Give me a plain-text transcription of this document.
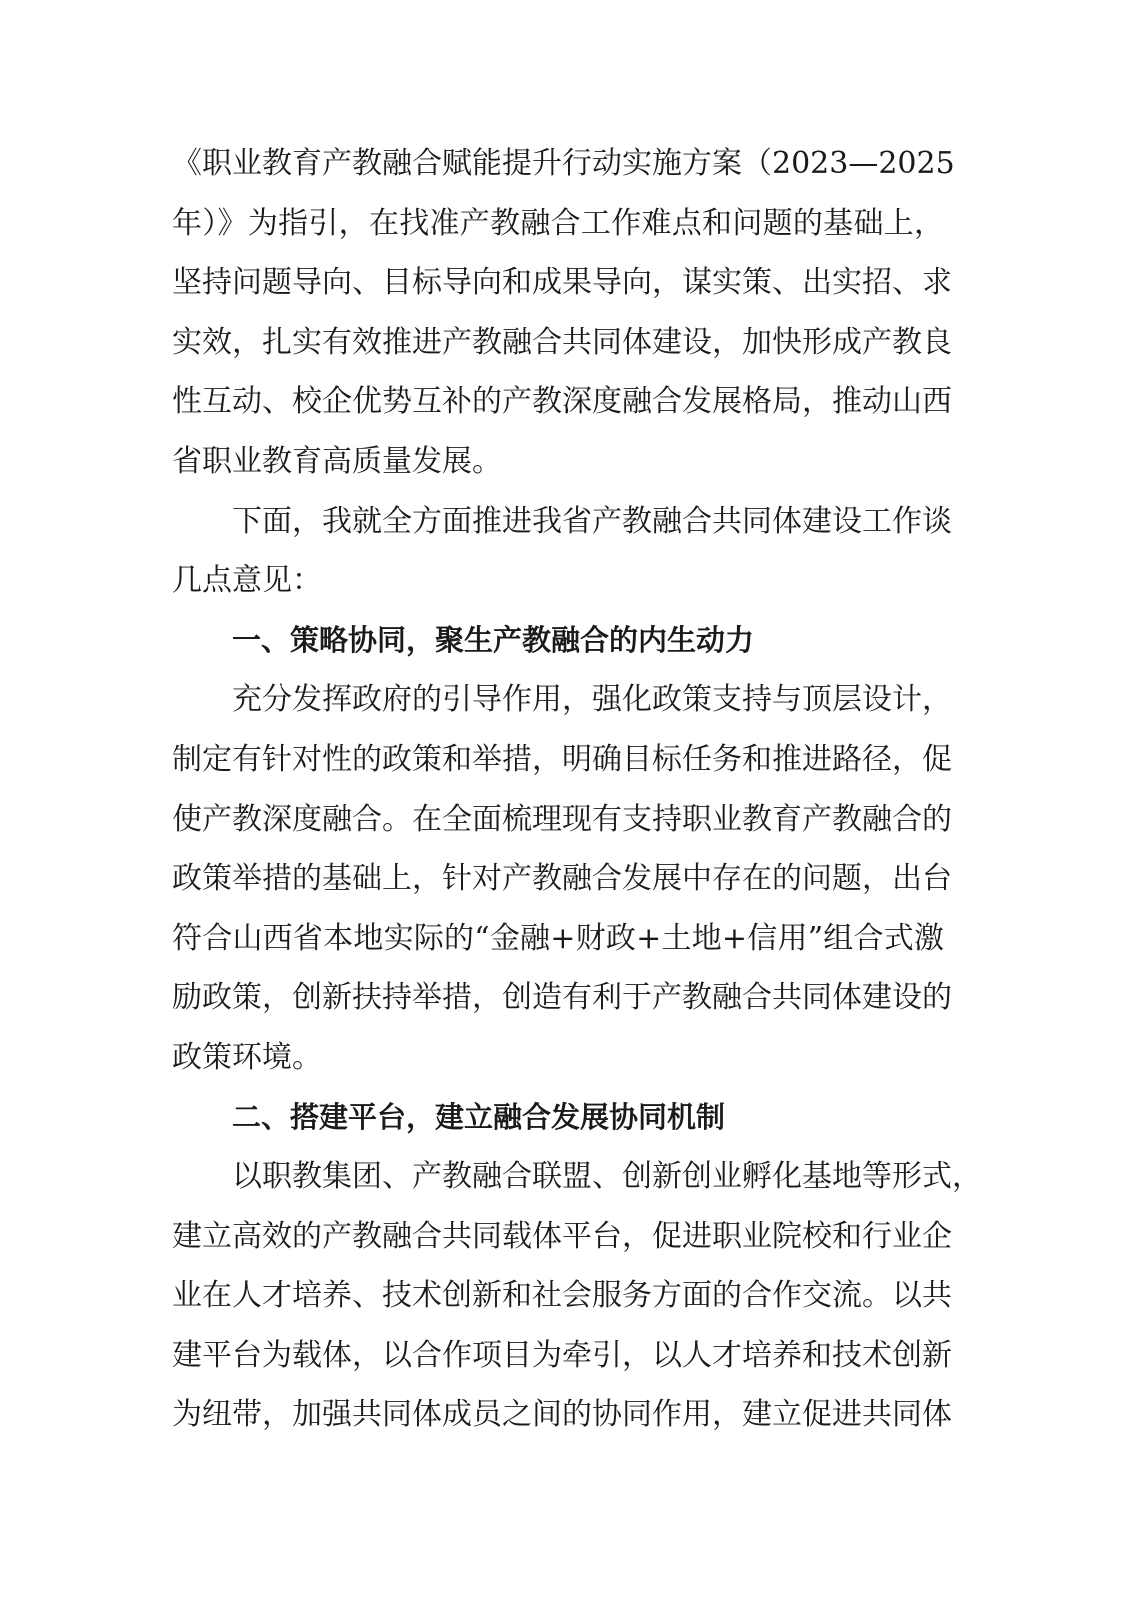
《职业教育产教融合赋能提升行动实施方案（2023—2025
年）》为指引，在找准产教融合工作难点和问题的基础上，
坚持问题导向、目标导向和成果导向，谋实策、出实招、求
实效，扎实有效推进产教融合共同体建设，加快形成产教良
性互动、校企优势互补的产教深度融合发展格局，推动山西
省职业教育高质量发展。
下面，我就全方面推进我省产教融合共同体建设工作谈
几点意见：
一、策略协同，聚生产教融合的内生动力
充分发挥政府的引导作用，强化政策支持与顶层设计，
制定有针对性的政策和举措，明确目标任务和推进路径，促
使产教深度融合。在全面梳理现有支持职业教育产教融合的
政策举措的基础上，针对产教融合发展中存在的问题，出台
符合山西省本地实际的“金融+财政+土地+信用”组合式激
励政策，创新扶持举措，创造有利于产教融合共同体建设的
政策环境。
二、搭建平台，建立融合发展协同机制
以职教集团、产教融合联盟、创新创业孵化基地等形式，
建立高效的产教融合共同载体平台，促进职业院校和行业企
业在人才培养、技术创新和社会服务方面的合作交流。以共
建平台为载体，以合作项目为牵引，以人才培养和技术创新
为纽带，加强共同体成员之间的协同作用，建立促进共同体
